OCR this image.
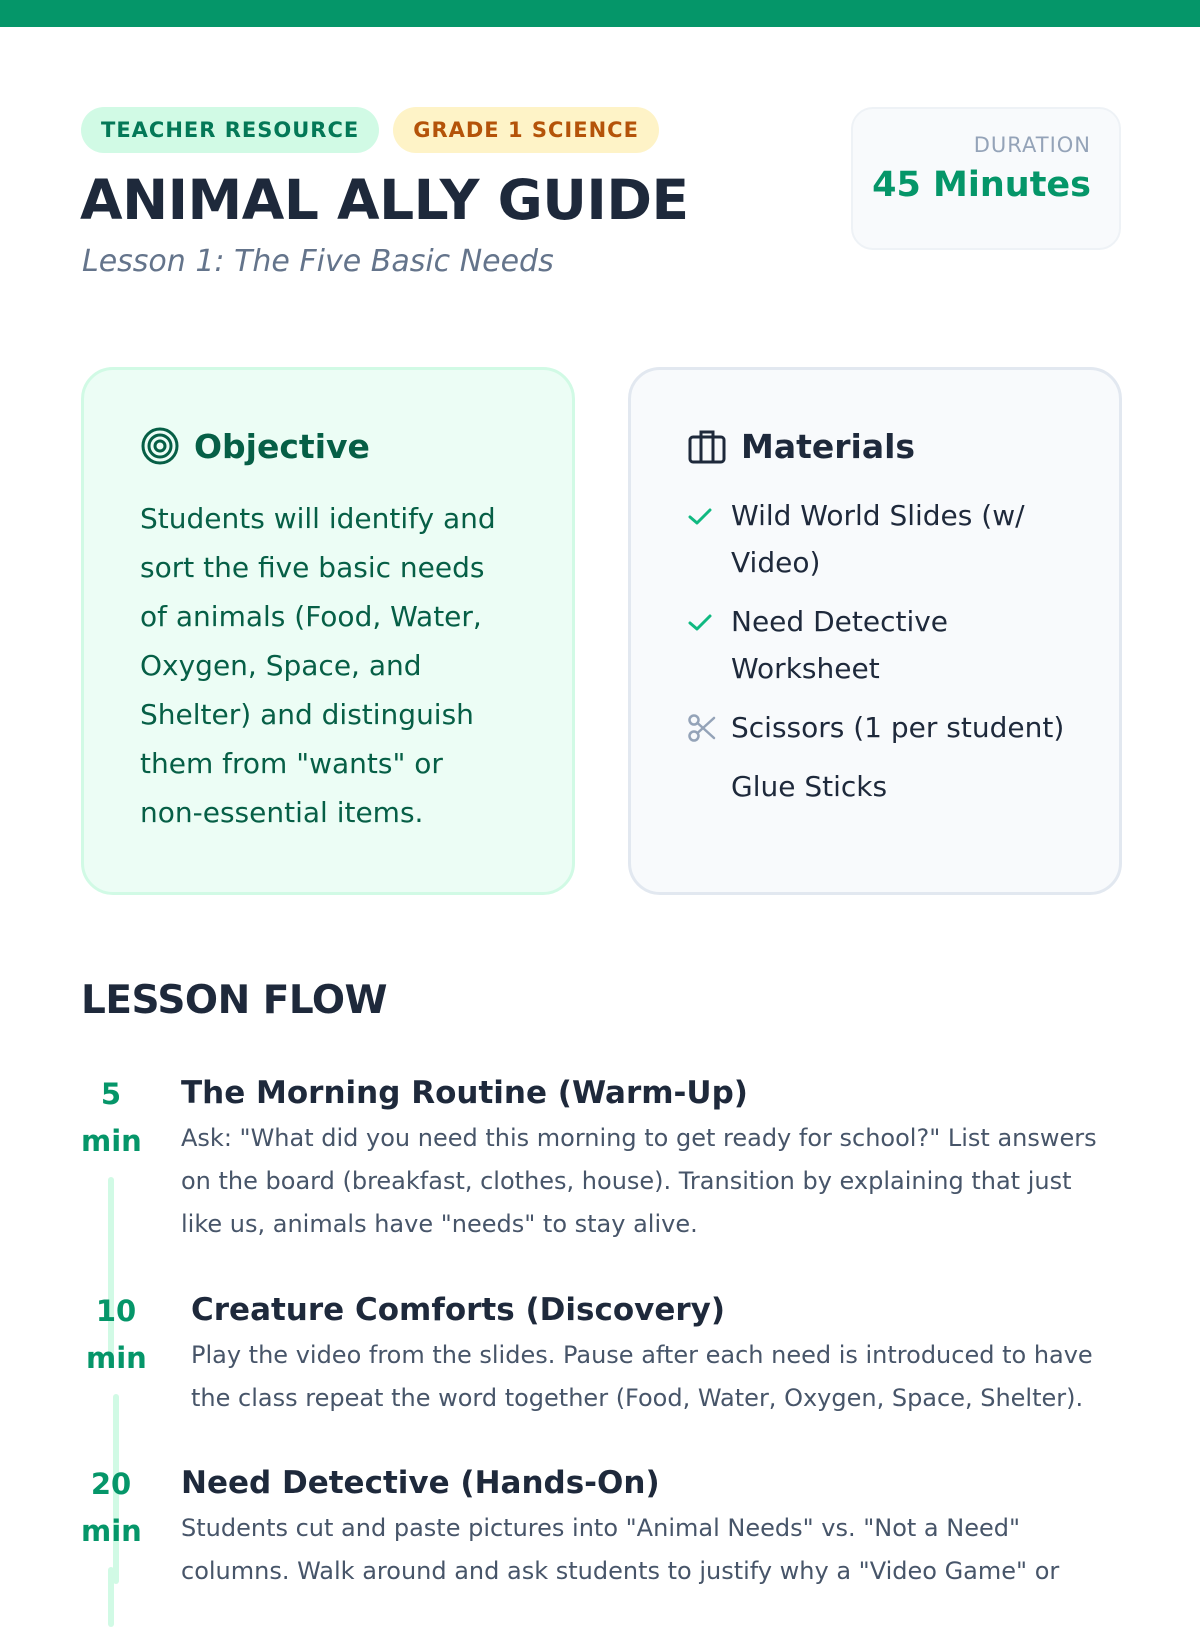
TEACHER RESOURCE	GRADE 1 SCIENCE
ANIMAL ALLY GUIDE
Lesson 1: The Five Basic Needs
DURATION
45 Minutes
Objective

Students will identify and sort the five basic needs of animals (Food, Water, Oxygen, Space, and Shelter) and distinguish them from "wants" or non-essential items.

Materials
Wild World Slides (w/ Video)
Need Detective Worksheet
Scissors (1 per student)
Glue Sticks
LESSON FLOW
5
min
The Morning Routine (Warm-Up)
Ask: "What did you need this morning to get ready for school?" List answers on the board (breakfast, clothes, house). Transition by explaining that just like us, animals have "needs" to stay alive.
10
min
Creature Comforts (Discovery)
Play the video from the slides. Pause after each need is introduced to have the class repeat the word together (Food, Water, Oxygen, Space, Shelter).
20
min
Need Detective (Hands-On)
Students cut and paste pictures into "Animal Needs" vs. "Not a Need" columns. Walk around and ask students to justify why a "Video Game" or
